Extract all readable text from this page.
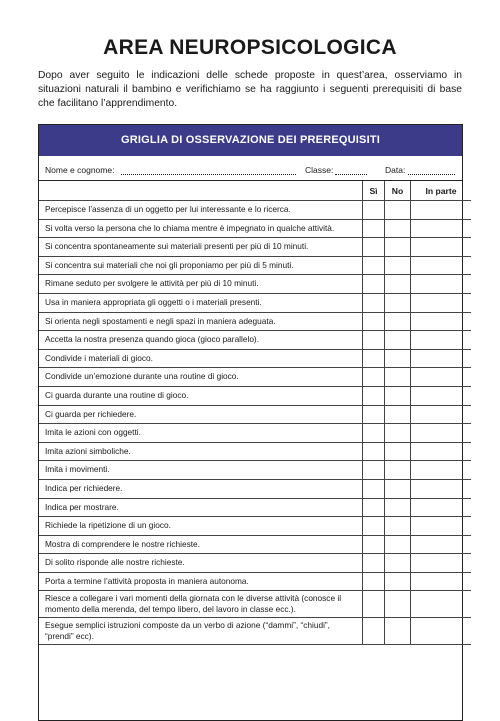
AREA NEUROPSICOLOGICA
Dopo aver seguito le indicazioni delle schede proposte in quest’area, osserviamo in situazioni naturali il bambino e verifichiamo se ha raggiunto i seguenti prerequisiti di base che facilitano l’apprendimento.
GRIGLIA DI OSSERVAZIONE DEI PREREQUISITI
Nome e cognome:	Classe:	Data:
	Sì	No	In parte

Percepisce l’assenza di un oggetto per lui interessante e lo ricerca.			

Si volta verso la persona che lo chiama mentre è impegnato in qualche attività.			

Si concentra spontaneamente sui materiali presenti per più di 10 minuti.			

Si concentra sui materiali che noi gli proponiamo per più di 5 minuti.			

Rimane seduto per svolgere le attività per più di 10 minuti.			

Usa in maniera appropriata gli oggetti o i materiali presenti.			

Si orienta negli spostamenti e negli spazi in maniera adeguata.			

Accetta la nostra presenza quando gioca (gioco parallelo).			

Condivide i materiali di gioco.			

Condivide un’emozione durante una routine di gioco.			

Ci guarda durante una routine di gioco.			

Ci guarda per richiedere.			

Imita le azioni con oggetti.			

Imita azioni simboliche.			

Imita i movimenti.			

Indica per richiedere.			

Indica per mostrare.			

Richiede la ripetizione di un gioco.			

Mostra di comprendere le nostre richieste.			

Di solito risponde alle nostre richieste.			

Porta a termine l’attività proposta in maniera autonoma.			

Riesce a collegare i vari momenti della giornata con le diverse attività (conosce il momento della merenda, del tempo libero, del lavoro in classe ecc.).			

Esegue semplici istruzioni composte da un verbo di azione (“dammi”, “chiudi”, “prendi” ecc).			
